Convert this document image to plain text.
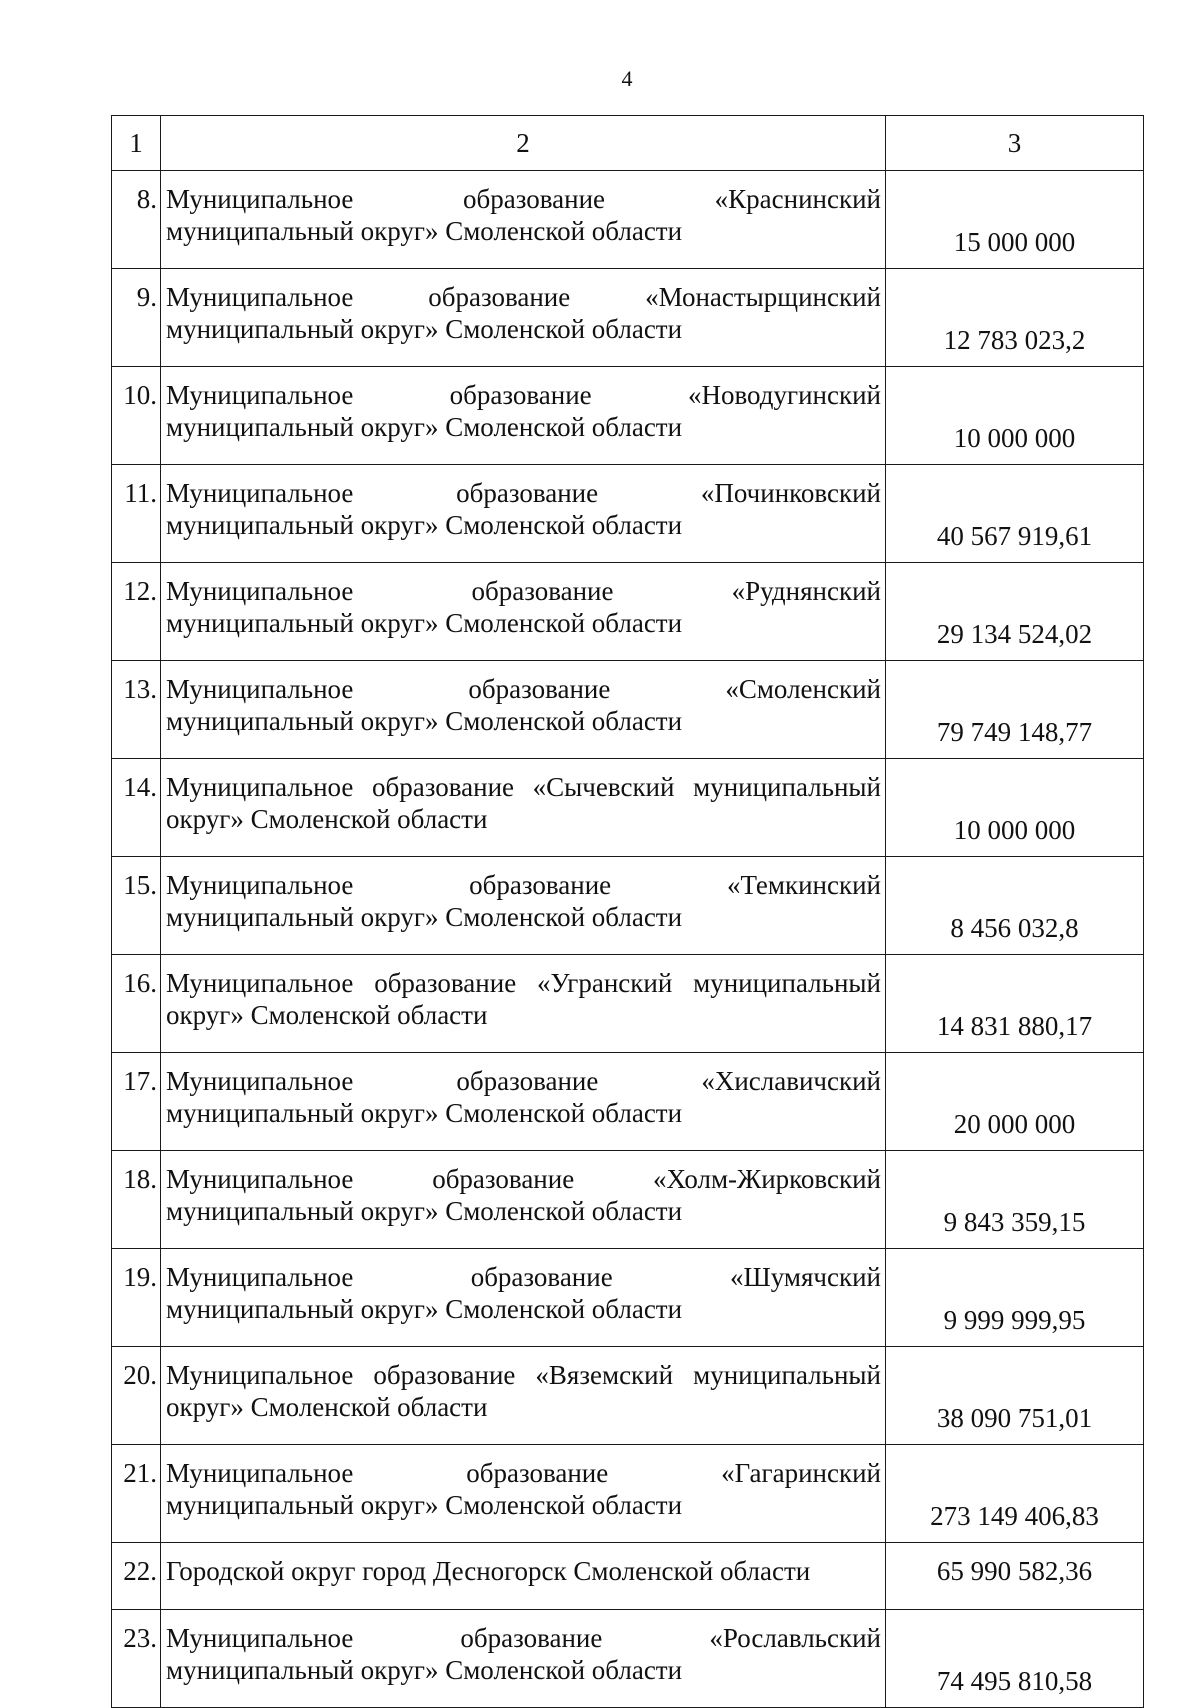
4
1	2	3
8.	Муниципальное образование «Краснинский
муниципальный округ» Смоленской области	15 000 000
9.	Муниципальное образование «Монастырщинский
муниципальный округ» Смоленской области	12 783 023,2
10.	Муниципальное образование «Новодугинский
муниципальный округ» Смоленской области	10 000 000
11.	Муниципальное образование «Починковский
муниципальный округ» Смоленской области	40 567 919,61
12.	Муниципальное образование «Руднянский
муниципальный округ» Смоленской области	29 134 524,02
13.	Муниципальное образование «Смоленский
муниципальный округ» Смоленской области	79 749 148,77
14.	Муниципальное образование «Сычевский муниципальный
округ» Смоленской области	10 000 000
15.	Муниципальное образование «Темкинский
муниципальный округ» Смоленской области	8 456 032,8
16.	Муниципальное образование «Угранский муниципальный
округ» Смоленской области	14 831 880,17
17.	Муниципальное образование «Хиславичский
муниципальный округ» Смоленской области	20 000 000
18.	Муниципальное образование «Холм-Жирковский
муниципальный округ» Смоленской области	9 843 359,15
19.	Муниципальное образование «Шумячский
муниципальный округ» Смоленской области	9 999 999,95
20.	Муниципальное образование «Вяземский муниципальный
округ» Смоленской области	38 090 751,01
21.	Муниципальное образование «Гагаринский
муниципальный округ» Смоленской области	273 149 406,83
22.	Городской округ город Десногорск Смоленской области	65 990 582,36
23.	Муниципальное образование «Рославльский
муниципальный округ» Смоленской области	74 495 810,58
